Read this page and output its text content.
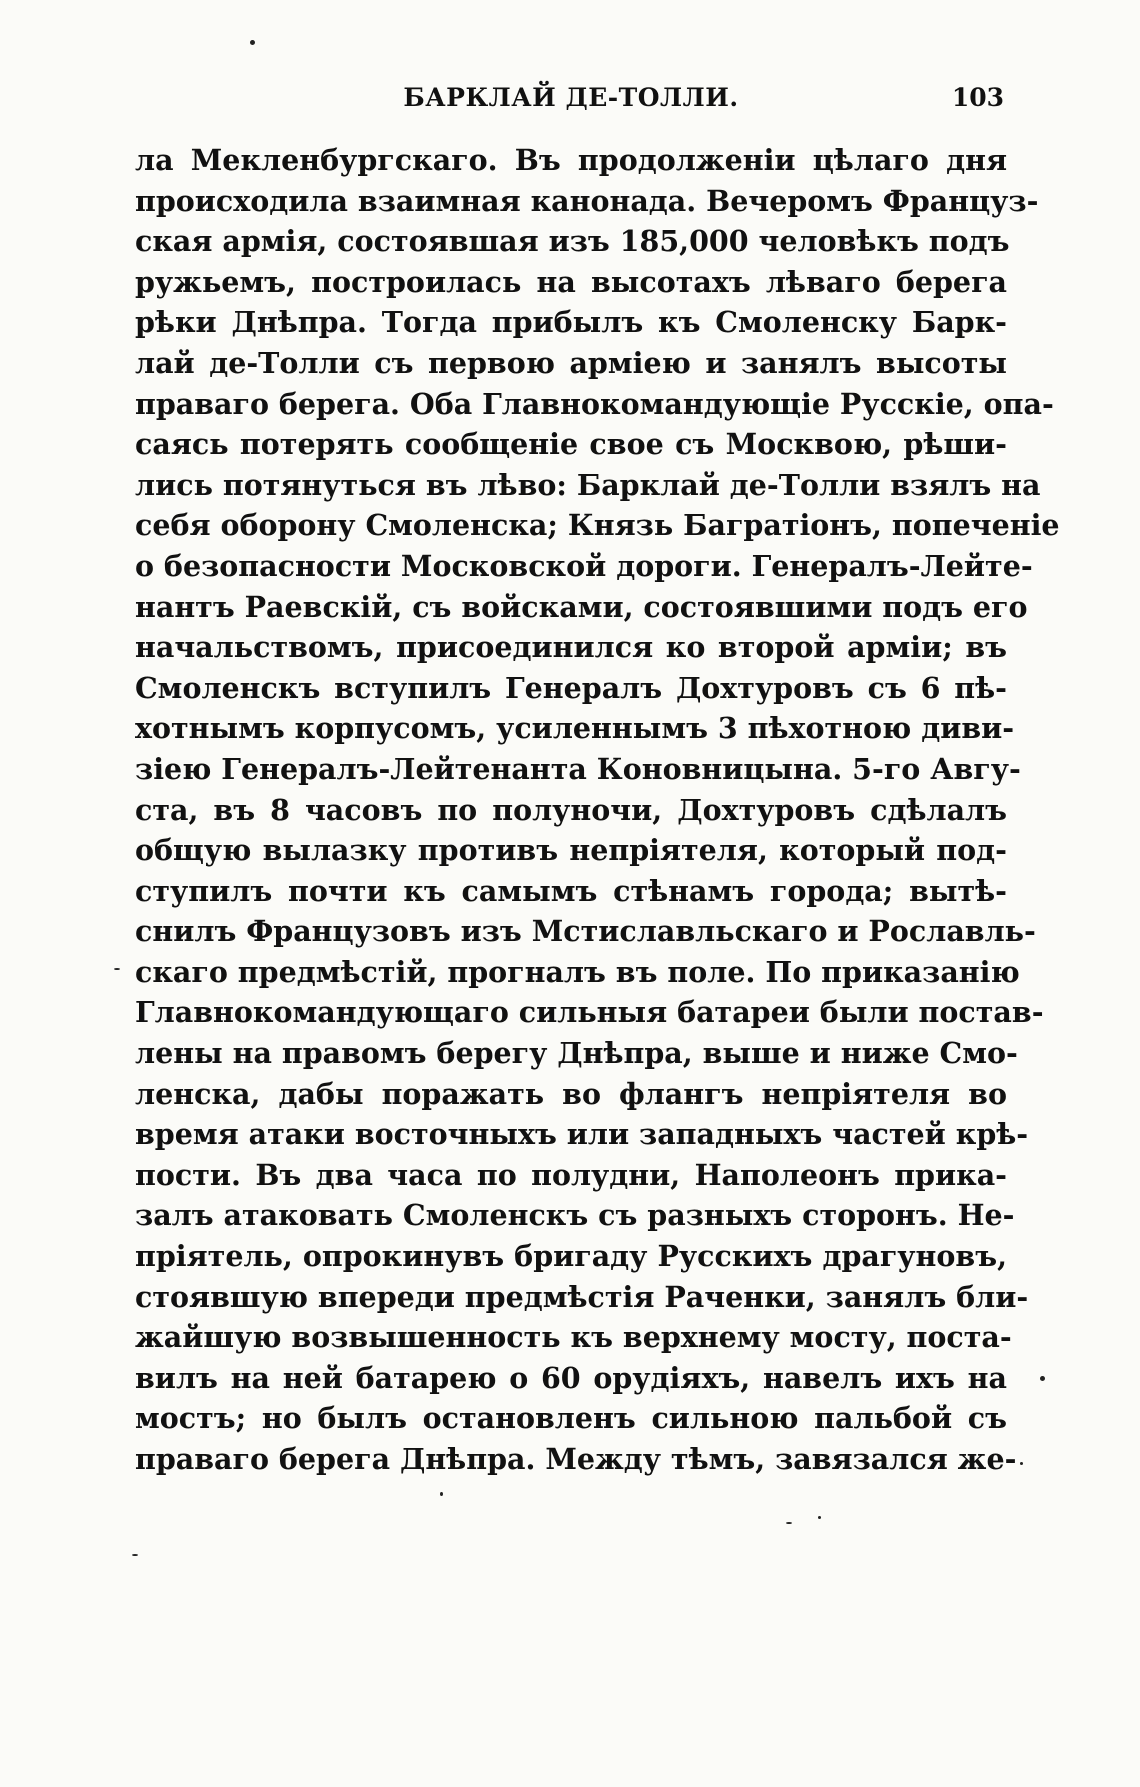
БАРКЛАЙ ДЕ-ТОЛЛИ.	103
ла Мекленбургскаго. Въ продолженіи цѣлаго дня
происходила взаимная канонада. Вечеромъ Француз-
ская армія, состоявшая изъ 185,000 человѣкъ подъ
ружьемъ, построилась на высотахъ лѣваго берега
рѣки Днѣпра. Тогда прибылъ къ Смоленску Барк-
лай де-Толли съ первою арміею и занялъ высоты
праваго берега. Оба Главнокомандующіе Русскіе, опа-
саясь потерять сообщеніе свое съ Москвою, рѣши-
лись потянуться въ лѣво: Барклай де-Толли взялъ на
себя оборону Смоленска; Князь Багратіонъ, попеченіе
о безопасности Московской дороги. Генералъ-Лейте-
нантъ Раевскій, съ войсками, состоявшими подъ его
начальствомъ, присоединился ко второй арміи; въ
Смоленскъ вступилъ Генералъ Дохтуровъ съ 6 пѣ-
хотнымъ корпусомъ, усиленнымъ 3 пѣхотною диви-
зіею Генералъ-Лейтенанта Коновницына. 5-го Авгу-
ста, въ 8 часовъ по полуночи, Дохтуровъ сдѣлалъ
общую вылазку противъ непріятеля, который под-
ступилъ почти къ самымъ стѣнамъ города; вытѣ-
снилъ Французовъ изъ Мстиславльскаго и Рославль-
скаго предмѣстій, прогналъ въ поле. По приказанію
Главнокомандующаго сильныя батареи были постав-
лены на правомъ берегу Днѣпра, выше и ниже Смо-
ленска, дабы поражать во флангъ непріятеля во
время атаки восточныхъ или западныхъ частей крѣ-
пости. Въ два часа по полудни, Наполеонъ прика-
залъ атаковать Смоленскъ съ разныхъ сторонъ. Не-
пріятель, опрокинувъ бригаду Русскихъ драгуновъ,
стоявшую впереди предмѣстія Раченки, занялъ бли-
жайшую возвышенность къ верхнему мосту, поста-
вилъ на ней батарею о 60 орудіяхъ, навелъ ихъ на
мостъ; но былъ остановленъ сильною пальбой съ
праваго берега Днѣпра. Между тѣмъ, завязался же-
